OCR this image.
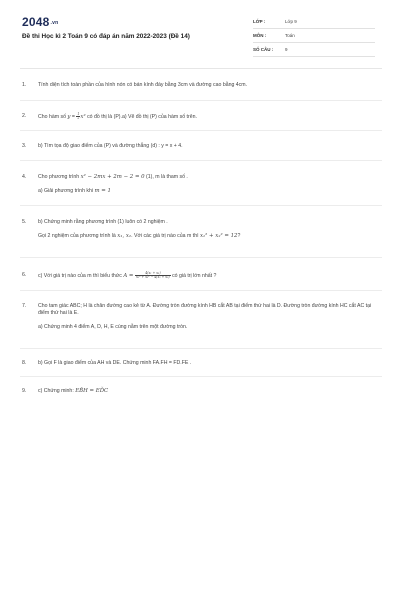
2048.vn
Đề thi Học kì 2 Toán 9 có đáp án năm 2022-2023 (Đề 14)
LỚP :	Lớp 9
MÔN :	Toán
SỐ CÂU :	9
1.	Tính diện tích toàn phần của hình nón có bán kính đáy bằng 3cm và đường cao bằng 4cm.

2.	Cho hàm số $y = \frac{1}{2} x^2$ có đồ thị là (P).a) Vẽ đồ thị (P) của hàm số trên.

3.	b) Tìm tọa độ giao điểm của (P) và đường thẳng (d) : y = x + 4.

4.	Cho phương trình x² − 2mx + 2m − 2 = 0 (1), m là tham số .

a) Giải phương trình khi m = 1

5.	b) Chứng minh rằng phương trình (1) luôn có 2 nghiệm .

Gọi 2 nghiệm của phương trình là x₁, x₂. Với các giá trị nào của m thì x₁² + x₂² = 12?

6.	c) Với giá trị nào của m thì biểu thức $A = \frac{\text{4(x₁ + x₂)}}{\text{x₁² + x₂² − 4(x₁ + x₂)}}$ có giá trị lớn nhất ?

7.	Cho tam giác ABC; H là chân đường cao kẻ từ A. Đường tròn đường kính HB cắt AB tại điểm thứ hai là D. Đường tròn đường kính HC cắt AC tại điểm thứ hai là E.

a) Chứng minh 4 điểm A, D, H, E cùng nằm trên một đường tròn.

8.	b) Gọi F là giao điểm của AH và DE. Chứng minh FA.FH = FD.FE .

9.	c) Chứng minh: EB̂H = EĎC
